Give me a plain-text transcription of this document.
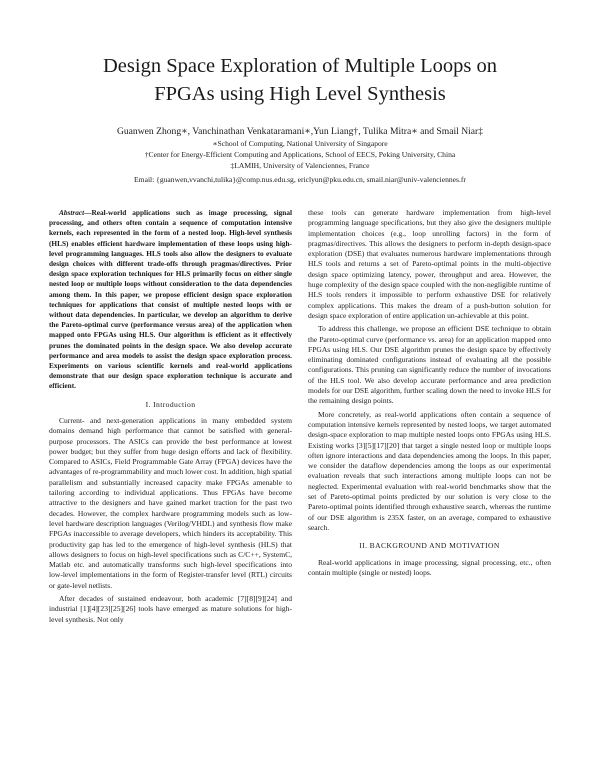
Design Space Exploration of Multiple Loops on
FPGAs using High Level Synthesis
Guanwen Zhong∗, Vanchinathan Venkataramani∗,Yun Liang†, Tulika Mitra∗ and Smail Niar‡
∗School of Computing, National University of Singapore
†Center for Energy-Efficient Computing and Applications, School of EECS, Peking University, China
‡LAMIH, University of Valenciennes, France
Email: {guanwen,vvanchi,tulika}@comp.nus.edu.sg, ericlyun@pku.edu.cn, smail.niar@univ-valenciennes.fr

Abstract—Real-world applications such as image processing, signal processing, and others often contain a sequence of computation intensive kernels, each represented in the form of a nested loop. High-level synthesis (HLS) enables efficient hardware implementation of these loops using high-level programming languages. HLS tools also allow the designers to evaluate design choices with different trade-offs through pragmas/directives. Prior design space exploration techniques for HLS primarily focus on either single nested loop or multiple loops without consideration to the data dependencies among them. In this paper, we propose efficient design space exploration techniques for applications that consist of multiple nested loops with or without data dependencies. In particular, we develop an algorithm to derive the Pareto-optimal curve (performance versus area) of the application when mapped onto FPGAs using HLS. Our algorithm is efficient as it effectively prunes the dominated points in the design space. We also develop accurate performance and area models to assist the design space exploration process. Experiments on various scientific kernels and real-world applications demonstrate that our design space exploration technique is accurate and efficient.

I. Introduction

Current- and next-generation applications in many embedded system domains demand high performance that cannot be satisfied with general-purpose processors. The ASICs can provide the best performance at lowest power budget; but they suffer from huge design efforts and lack of flexibility. Compared to ASICs, Field Programmable Gate Array (FPGA) devices have the advantages of re-programmability and much lower cost. In addition, high spatial parallelism and substantially increased capacity make FPGAs amenable to tailoring according to individual applications. Thus FPGAs have become attractive to the designers and have gained market traction for the past two decades. However, the complex hardware programming models such as low-level hardware description languages (Verilog/VHDL) and synthesis flow make FPGAs inaccessible to average developers, which hinders its acceptability. This productivity gap has led to the emergence of high-level synthesis (HLS) that allows designers to focus on high-level specifications such as C/C++, SystemC, Matlab etc. and automatically transforms such high-level specifications into low-level implementations in the form of Register-transfer level (RTL) circuits or gate-level netlists.

After decades of sustained endeavour, both academic [7][8][9][24] and industrial [1][4][23][25][26] tools have emerged as mature solutions for high-level synthesis. Not only

these tools can generate hardware implementation from high-level programming language specifications, but they also give the designers multiple implementation choices (e.g., loop unrolling factors) in the form of pragmas/directives. This allows the designers to perform in-depth design-space exploration (DSE) that evaluates numerous hardware implementations through HLS tools and returns a set of Pareto-optimal points in the multi-objective design space optimizing latency, power, throughput and area. However, the huge complexity of the design space coupled with the non-negligible runtime of HLS tools renders it impossible to perform exhaustive DSE for relatively complex applications. This makes the dream of a push-button solution for design space exploration of entire application un-achievable at this point.

To address this challenge, we propose an efficient DSE technique to obtain the Pareto-optimal curve (performance vs. area) for an application mapped onto FPGAs using HLS. Our DSE algorithm prunes the design space by effectively eliminating dominated configurations instead of evaluating all the possible configurations. This pruning can significantly reduce the number of invocations of the HLS tool. We also develop accurate performance and area prediction models for our DSE algorithm, further scaling down the need to invoke HLS for the remaining design points.

More concretely, as real-world applications often contain a sequence of computation intensive kernels represented by nested loops, we target automated design-space exploration to map multiple nested loops onto FPGAs using HLS. Existing works [3][5][17][20] that target a single nested loop or multiple loops often ignore interactions and data dependencies among the loops. In this paper, we consider the dataflow dependencies among the loops as our experimental evaluation reveals that such interactions among multiple loops can not be neglected. Experimental evaluation with real-world benchmarks show that the set of Pareto-optimal points predicted by our solution is very close to the Pareto-optimal points identified through exhaustive search, whereas the runtime of our DSE algorithm is 235X faster, on an average, compared to exhaustive search.

II. BACKGROUND AND MOTIVATION

Real-world applications in image processing, signal processing, etc., often contain multiple (single or nested) loops.
